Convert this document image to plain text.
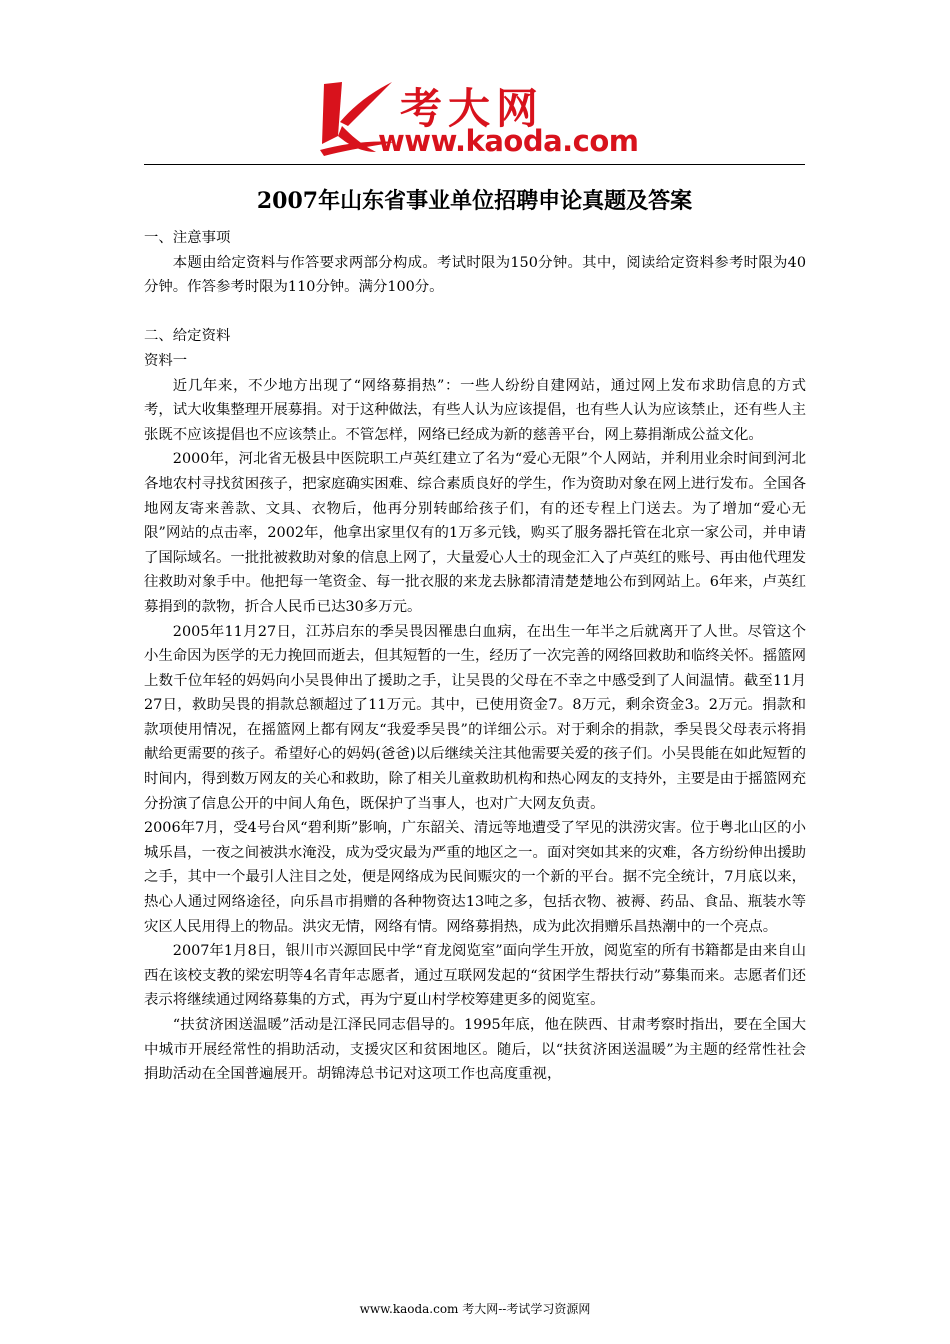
考大网
www.kaoda.com
2007年山东省事业单位招聘申论真题及答案

一、注意事项

本题由给定资料与作答要求两部分构成。考试时限为150分钟。其中，阅读给定资料参考时限为40分钟。作答参考时限为110分钟。满分100分。

二、给定资料

资料一

近几年来，不少地方出现了“网络募捐热”：一些人纷纷自建网站，通过网上发布求助信息的方式考，试大收集整理开展募捐。对于这种做法，有些人认为应该提倡，也有些人认为应该禁止，还有些人主张既不应该提倡也不应该禁止。不管怎样，网络已经成为新的慈善平台，网上募捐渐成公益文化。

2000年，河北省无极县中医院职工卢英红建立了名为“爱心无限”个人网站，并利用业余时间到河北各地农村寻找贫困孩子，把家庭确实困难、综合素质良好的学生，作为资助对象在网上进行发布。全国各地网友寄来善款、文具、衣物后，他再分别转邮给孩子们，有的还专程上门送去。为了增加“爱心无限”网站的点击率，2002年，他拿出家里仅有的1万多元钱，购买了服务器托管在北京一家公司，并申请了国际域名。一批批被救助对象的信息上网了，大量爱心人士的现金汇入了卢英红的账号、再由他代理发往救助对象手中。他把每一笔资金、每一批衣服的来龙去脉都清清楚楚地公布到网站上。6年来，卢英红募捐到的款物，折合人民币已达30多万元。

2005年11月27日，江苏启东的季吴畏因罹患白血病，在出生一年半之后就离开了人世。尽管这个小生命因为医学的无力挽回而逝去，但其短暂的一生，经历了一次完善的网络回救助和临终关怀。摇篮网上数千位年轻的妈妈向小吴畏伸出了援助之手，让吴畏的父母在不幸之中感受到了人间温情。截至11月27日，救助吴畏的捐款总额超过了11万元。其中，已使用资金7。8万元，剩余资金3。2万元。捐款和款项使用情况，在摇篮网上都有网友“我爱季吴畏”的详细公示。对于剩余的捐款，季吴畏父母表示将捐献给更需要的孩子。希望好心的妈妈(爸爸)以后继续关注其他需要关爱的孩子们。小吴畏能在如此短暂的时间内，得到数万网友的关心和救助，除了相关儿童救助机构和热心网友的支持外，主要是由于摇篮网充分扮演了信息公开的中间人角色，既保护了当事人，也对广大网友负责。

2006年7月，受4号台风“碧利斯”影响，广东韶关、清远等地遭受了罕见的洪涝灾害。位于粤北山区的小城乐昌，一夜之间被洪水淹没，成为受灾最为严重的地区之一。面对突如其来的灾难，各方纷纷伸出援助之手，其中一个最引人注目之处，便是网络成为民间赈灾的一个新的平台。据不完全统计，7月底以来，热心人通过网络途径，向乐昌市捐赠的各种物资达13吨之多，包括衣物、被褥、药品、食品、瓶装水等灾区人民用得上的物品。洪灾无情，网络有情。网络募捐热，成为此次捐赠乐昌热潮中的一个亮点。

2007年1月8日，银川市兴源回民中学“育龙阅览室”面向学生开放，阅览室的所有书籍都是由来自山西在该校支教的梁宏明等4名青年志愿者，通过互联网发起的“贫困学生帮扶行动”募集而来。志愿者们还表示将继续通过网络募集的方式，再为宁夏山村学校筹建更多的阅览室。

“扶贫济困送温暖”活动是江泽民同志倡导的。1995年底，他在陕西、甘肃考察时指出，要在全国大中城市开展经常性的捐助活动，支援灾区和贫困地区。随后，以“扶贫济困送温暖”为主题的经常性社会捐助活动在全国普遍展开。胡锦涛总书记对这项工作也高度重视，

www.kaoda.com 考大网--考试学习资源网
